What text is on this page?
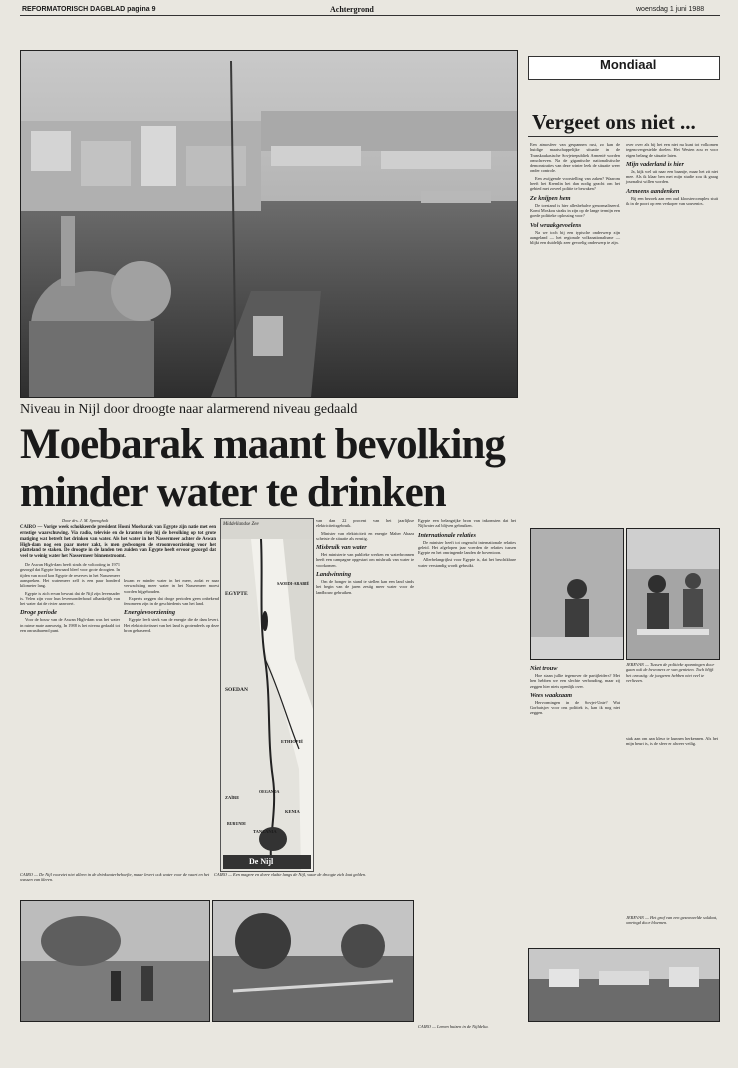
REFORMATORISCH DAGBLAD pagina 9	Achtergrond	woensdag 1 juni 1988
Niveau in Nijl door droogte naar alarmerend niveau gedaald
Moebarak maant bevolking
minder water te drinken
Door drs. J. M. Sprengholt

CAIRO — Vorige week schokkeerde president Hosni Moebarak van Egypte zijn natie met een ernstige waarschuwing. Via radio, televisie en de kranten riep hij de bevolking op tot grote matiging wat betreft het drinken van water. Als het water in het Nassermeer achter de Aswan High-dam nog een paar meter zakt, is men gedwongen de stroomvoorziening voor het platteland te staken. De droogte in de landen ten zuiden van Egypte heeft ervoor gezorgd dat veel te weinig water het Nassermeer binnenstroomt.

De Aswan High-dam heeft sinds de voltooiing in 1971 gezorgd dat Egypte bewaard bleef voor grote droogten. In tijden van nood kon Egypte de reserves in het Nassermeer aanspreken. Het watermeer zelf is een paar honderd kilometer lang.

Egypte is zich ervan bewust dat de Nijl zijn levensader is. Velen zijn voor hun levensonderhoud afhankelijk van het water dat de rivier aanvoert.

Droge periode

Voor de bouw van de Aswan High-dam was het water in ruime mate aanwezig. In 1988 is het niveau gedaald tot een onrustbarend punt.

kwam er minder water in het meer, zodat er naar verwachting meer water in het Nassermeer moest worden bijgehouden.

Experts zeggen dat droge perioden geen onbekend fenomeen zijn in de geschiedenis van het land.

Energievoorziening

Egypte leeft sterk van de energie die de dam levert. Het elektriciteitsnet van het land is grotendeels op deze bron gebaseerd.

Middellandse Zee
EGYPTE
SAOEDI-ARABIË
SOEDAN
ETHIOPIË
ZAÏRE
OEGANDA
KENIA
BURUNDI
TANZANIA
De Nijl

van dan 22 procent van het jaarlijkse elektriciteitsgebruik.

Minister van elektriciteit en energie Maher Abaza schetste de situatie als ernstig.

Misbruik van water

Het ministerie van publieke werken en waterbronnen heeft een campagne opgestart om misbruik van water te voorkomen.

Landwinning

Om de honger in stand te stellen kan een land sinds het begin van de jaren zestig meer water voor de landbouw gebruiken.

Egypte een belangrijke bron van inkomsten dat het Nijlwater zal blijven gebruiken.

Internationale relaties

De minister heeft tot ongeacht internationale relaties geleid. Het afgelopen jaar voerden de relaties tussen Egypte en het omringende landen de boventoon.

Allerbelangrijkst voor Egypte is, dat het beschikbare water verstandig wordt gebruikt.

CAIRO — De Nijl voorziet niet alleen in de drinkwaterbehoefte, maar levert ook water voor de vaart en het wassen van kleren.
CAIRO — Een magere en dorre vlakte langs de Nijl, waar de droogte zich laat gelden.
Mondiaal
Vergeet ons niet ...

Een atmosfeer van gespannen rust, zo kan de huidige maatschappelijke situatie in de Transkaukasische Sovjetrepubliek Armenië worden omschreven. Na de gigantische nationalistische demonstraties van deze winter leek de situatie weer onder controle.

Een zwijgende voorstelling van zaken? Waarom heeft het Kremlin het dan nodig geacht om het gebied met zoveel politie te bewaken?

Ze knijpen hem

De toestand is hier allesbehalve genormaliseerd. Komt Moskou straks in zijn op de lange termijn een goede politieke oplossing voor?

Vol wraakgevoelens

Na we toch bij een typische onderwerp zijn aangeland — het regionale volksnationalisme — blijkt een duidelijk zeer gevoelig onderwerp te zijn.

over over als bij het een niet nu kunt tot volkomen tegenovergestelde doelen. Het Westen zou er voor eigen belang de situatie laten.

Mijn vaderland is hier

Ja, kijk wel uit naar een baantje, maar het zit niet mee. Als ik klaar ben met mijn studie zou ik graag journalist willen worden.

Armeens aandenken

Bij een bezoek aan een oud kloostercomplex stuit ik in de poort op een verkoper van souvenirs.

JEREVAN — Tussen de politieke spanningen door gaan ook de bewoners er van genieten. Toch blijft het onrustig: de jongeren hebben niet veel te verliezen.
Niet trouw

Hoe staan jullie tegenover de partijleiders? Met hen hebben we een slechte verhouding, maar zij zeggen hier niets openlijk over.

Wees waakzaam

Hervormingen in de Sovjet-Unie? Wat Gorbatsjov voor ons politiek is, kan ik nog niet zeggen.

stak aan om aan kleur te kunnen herkennen. Als het mijn beurt is, is de sfeer er alweer veilig.

JEREVAN — Het graf van een gesneuvelde soldaat, omringd door bloemen.
CAIRO — Lemen huizen in de Nijldelta.
